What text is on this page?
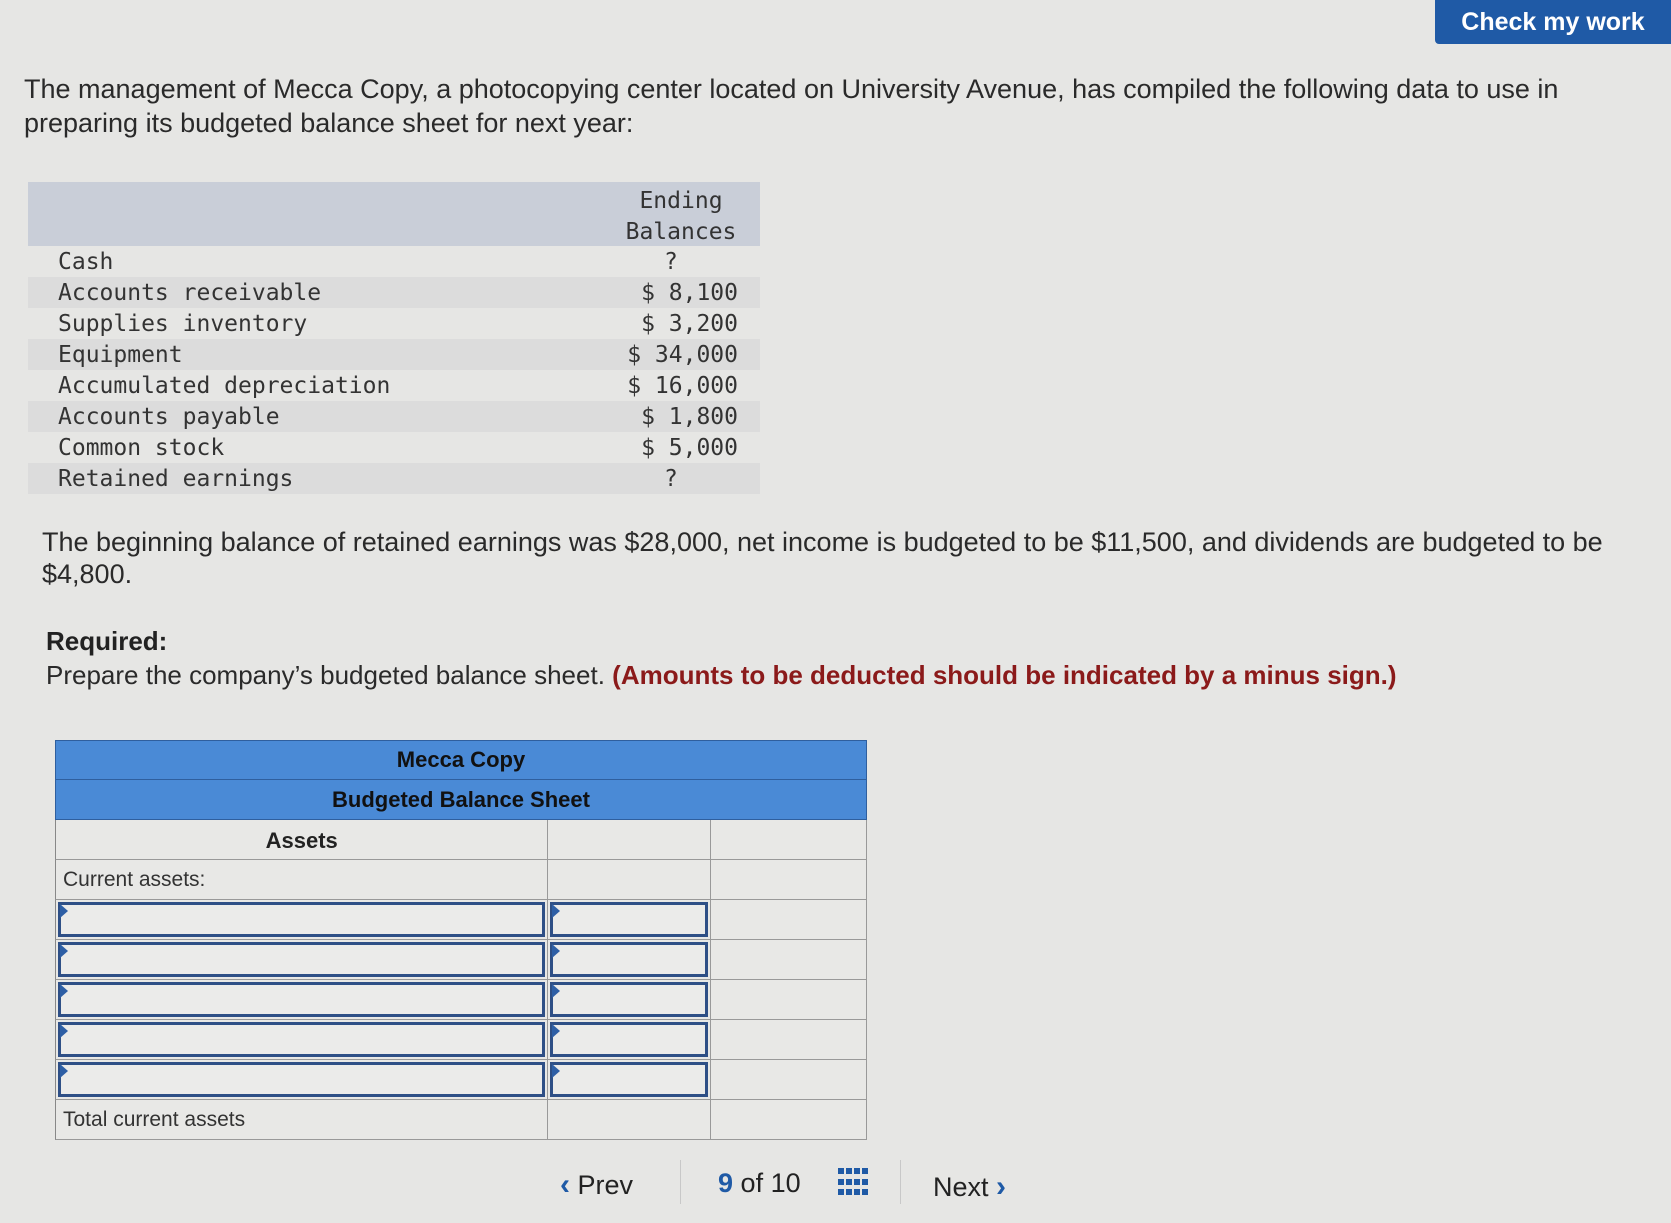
Check my work
The management of Mecca Copy, a photocopying center located on University Avenue, has compiled the following data to use in preparing its budgeted balance sheet for next year:
Ending
Balances
Cash	?
Accounts receivable	$ 8,100
Supplies inventory	$ 3,200
Equipment	$ 34,000
Accumulated depreciation	$ 16,000
Accounts payable	$ 1,800
Common stock	$ 5,000
Retained earnings	?
The beginning balance of retained earnings was $28,000, net income is budgeted to be $11,500, and dividends are budgeted to be $4,800.
Required:
Prepare the company’s budgeted balance sheet. (Amounts to be deducted should be indicated by a minus sign.)
Mecca Copy
Budgeted Balance Sheet
Assets
Current assets:
Total current assets
‹ Prev	9 of 10	Next ›
